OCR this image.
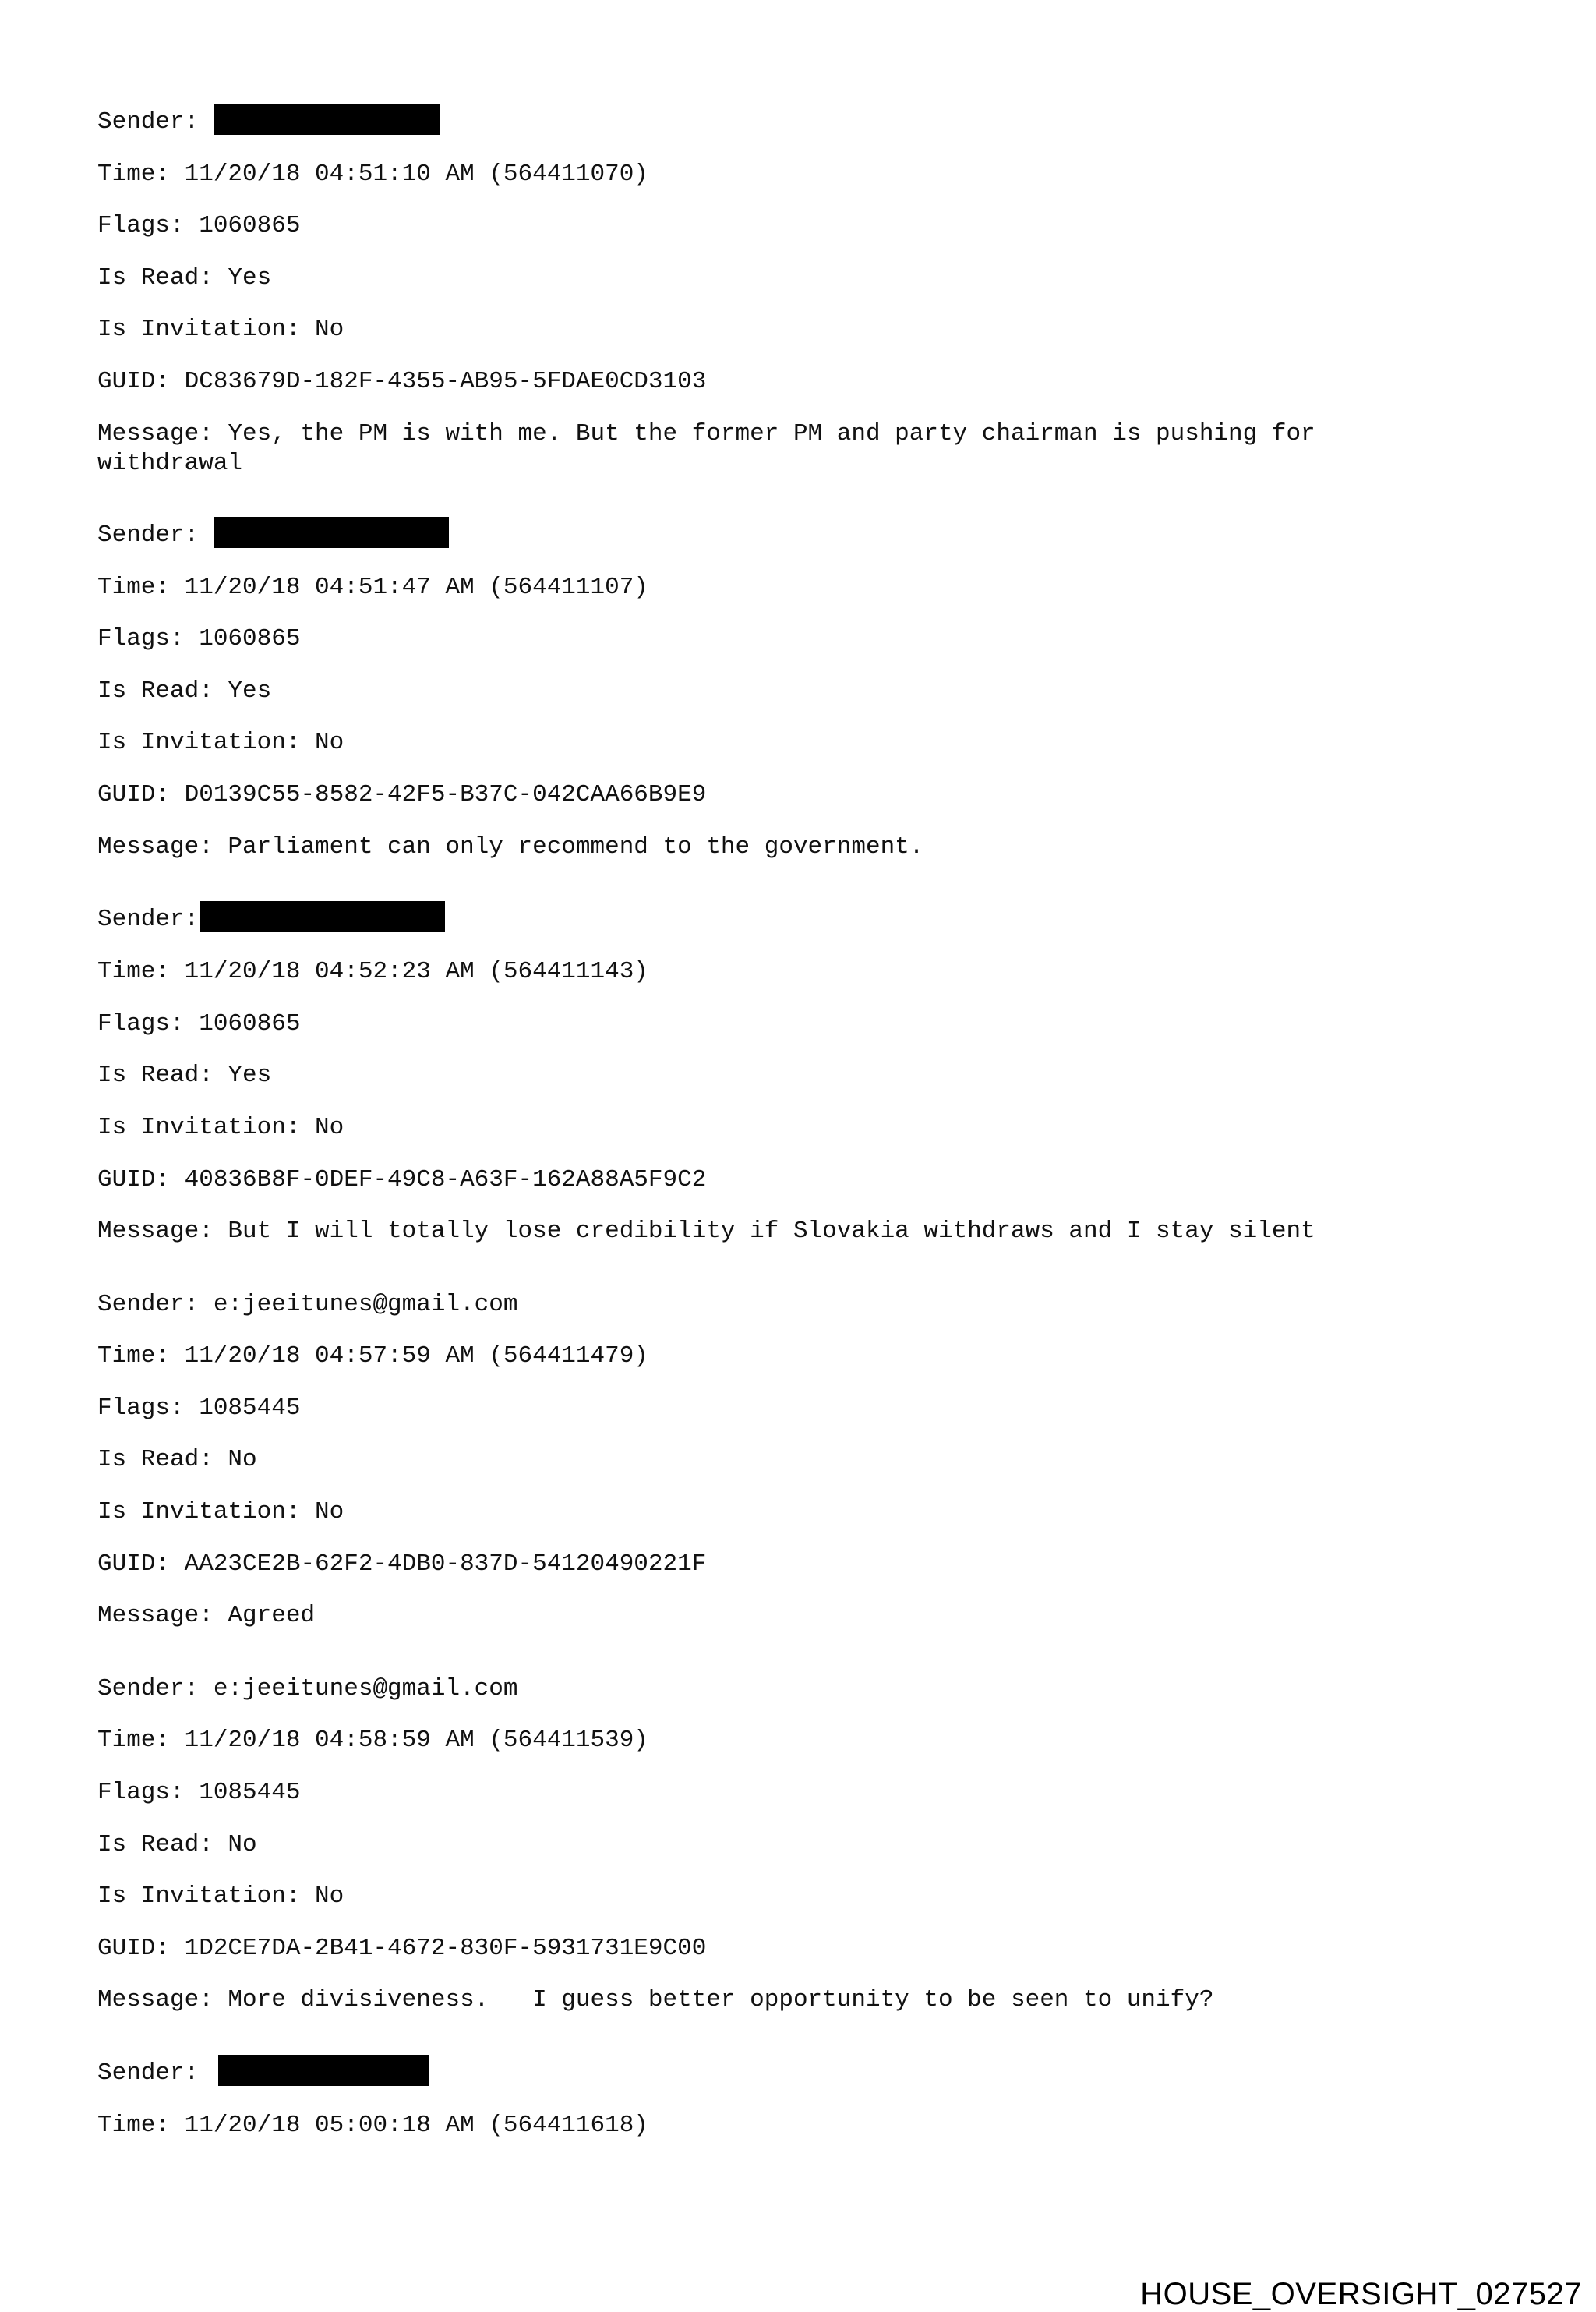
Sender:
Time: 11/20/18 04:51:10 AM (564411070)
Flags: 1060865
Is Read: Yes
Is Invitation: No
GUID: DC83679D-182F-4355-AB95-5FDAE0CD3103
Message: Yes, the PM is with me. But the former PM and party chairman is pushing for
withdrawal
Sender:
Time: 11/20/18 04:51:47 AM (564411107)
Flags: 1060865
Is Read: Yes
Is Invitation: No
GUID: D0139C55-8582-42F5-B37C-042CAA66B9E9
Message: Parliament can only recommend to the government.
Sender:
Time: 11/20/18 04:52:23 AM (564411143)
Flags: 1060865
Is Read: Yes
Is Invitation: No
GUID: 40836B8F-0DEF-49C8-A63F-162A88A5F9C2
Message: But I will totally lose credibility if Slovakia withdraws and I stay silent
Sender: e:jeeitunes@gmail.com
Time: 11/20/18 04:57:59 AM (564411479)
Flags: 1085445
Is Read: No
Is Invitation: No
GUID: AA23CE2B-62F2-4DB0-837D-54120490221F
Message: Agreed
Sender: e:jeeitunes@gmail.com
Time: 11/20/18 04:58:59 AM (564411539)
Flags: 1085445
Is Read: No
Is Invitation: No
GUID: 1D2CE7DA-2B41-4672-830F-5931731E9C00
Message: More divisiveness.   I guess better opportunity to be seen to unify?
Sender:
Time: 11/20/18 05:00:18 AM (564411618)
HOUSE_OVERSIGHT_027527
